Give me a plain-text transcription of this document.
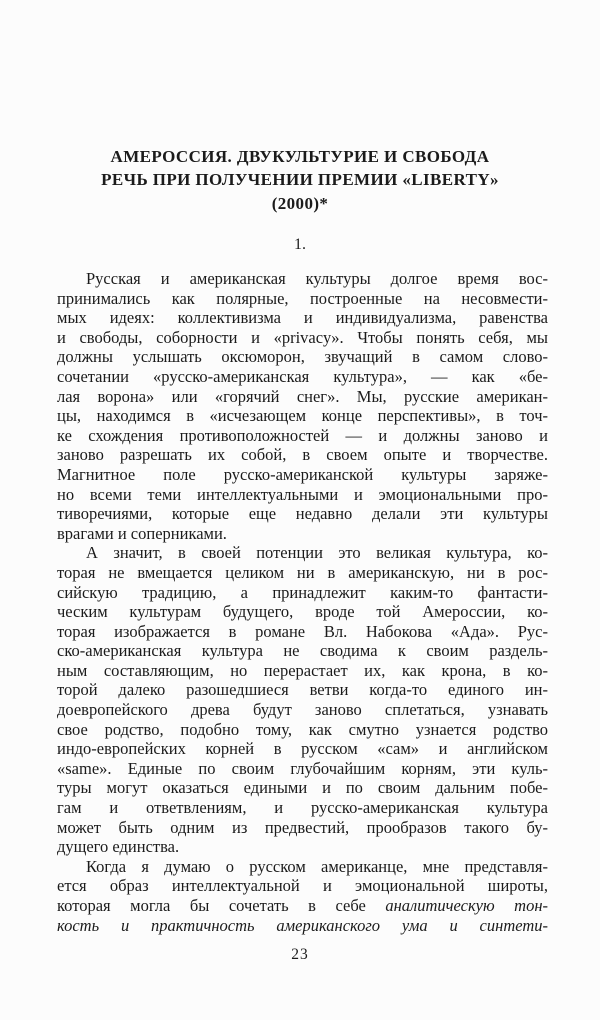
АМЕРОССИЯ. ДВУКУЛЬТУРИЕ И СВОБОДА
РЕЧЬ ПРИ ПОЛУЧЕНИИ ПРЕМИИ «LIBERTY»
(2000)*
1.
Русская и американская культуры долгое время вос-
принимались как полярные, построенные на несовмести-
мых идеях: коллективизма и индивидуализма, равенства
и свободы, соборности и «privacy». Чтобы понять себя, мы
должны услышать оксюморон, звучащий в самом слово-
сочетании «русско-американская культура», — как «бе-
лая ворона» или «горячий снег». Мы, русские американ-
цы, находимся в «исчезающем конце перспективы», в точ-
ке схождения противоположностей — и должны заново и
заново разрешать их собой, в своем опыте и творчестве.
Магнитное поле русско-американской культуры заряже-
но всеми теми интеллектуальными и эмоциональными про-
тиворечиями, которые еще недавно делали эти культуры
врагами и соперниками.
А значит, в своей потенции это великая культура, ко-
торая не вмещается целиком ни в американскую, ни в рос-
сийскую традицию, а принадлежит каким-то фантасти-
ческим культурам будущего, вроде той Амероссии, ко-
торая изображается в романе Вл. Набокова «Ада». Рус-
ско-американская культура не сводима к своим раздель-
ным составляющим, но перерастает их, как крона, в ко-
торой далеко разошедшиеся ветви когда-то единого ин-
доевропейского древа будут заново сплетаться, узнавать
свое родство, подобно тому, как смутно узнается родство
индо-европейских корней в русском «сам» и английском
«same». Единые по своим глубочайшим корням, эти куль-
туры могут оказаться едиными и по своим дальним побе-
гам и ответвлениям, и русско-американская культура
может быть одним из предвестий, прообразов такого бу-
дущего единства.
Когда я думаю о русском американце, мне представля-
ется образ интеллектуальной и эмоциональной широты,
которая могла бы сочетать в себе аналитическую тон-
кость и практичность американского ума и синтети-
23
